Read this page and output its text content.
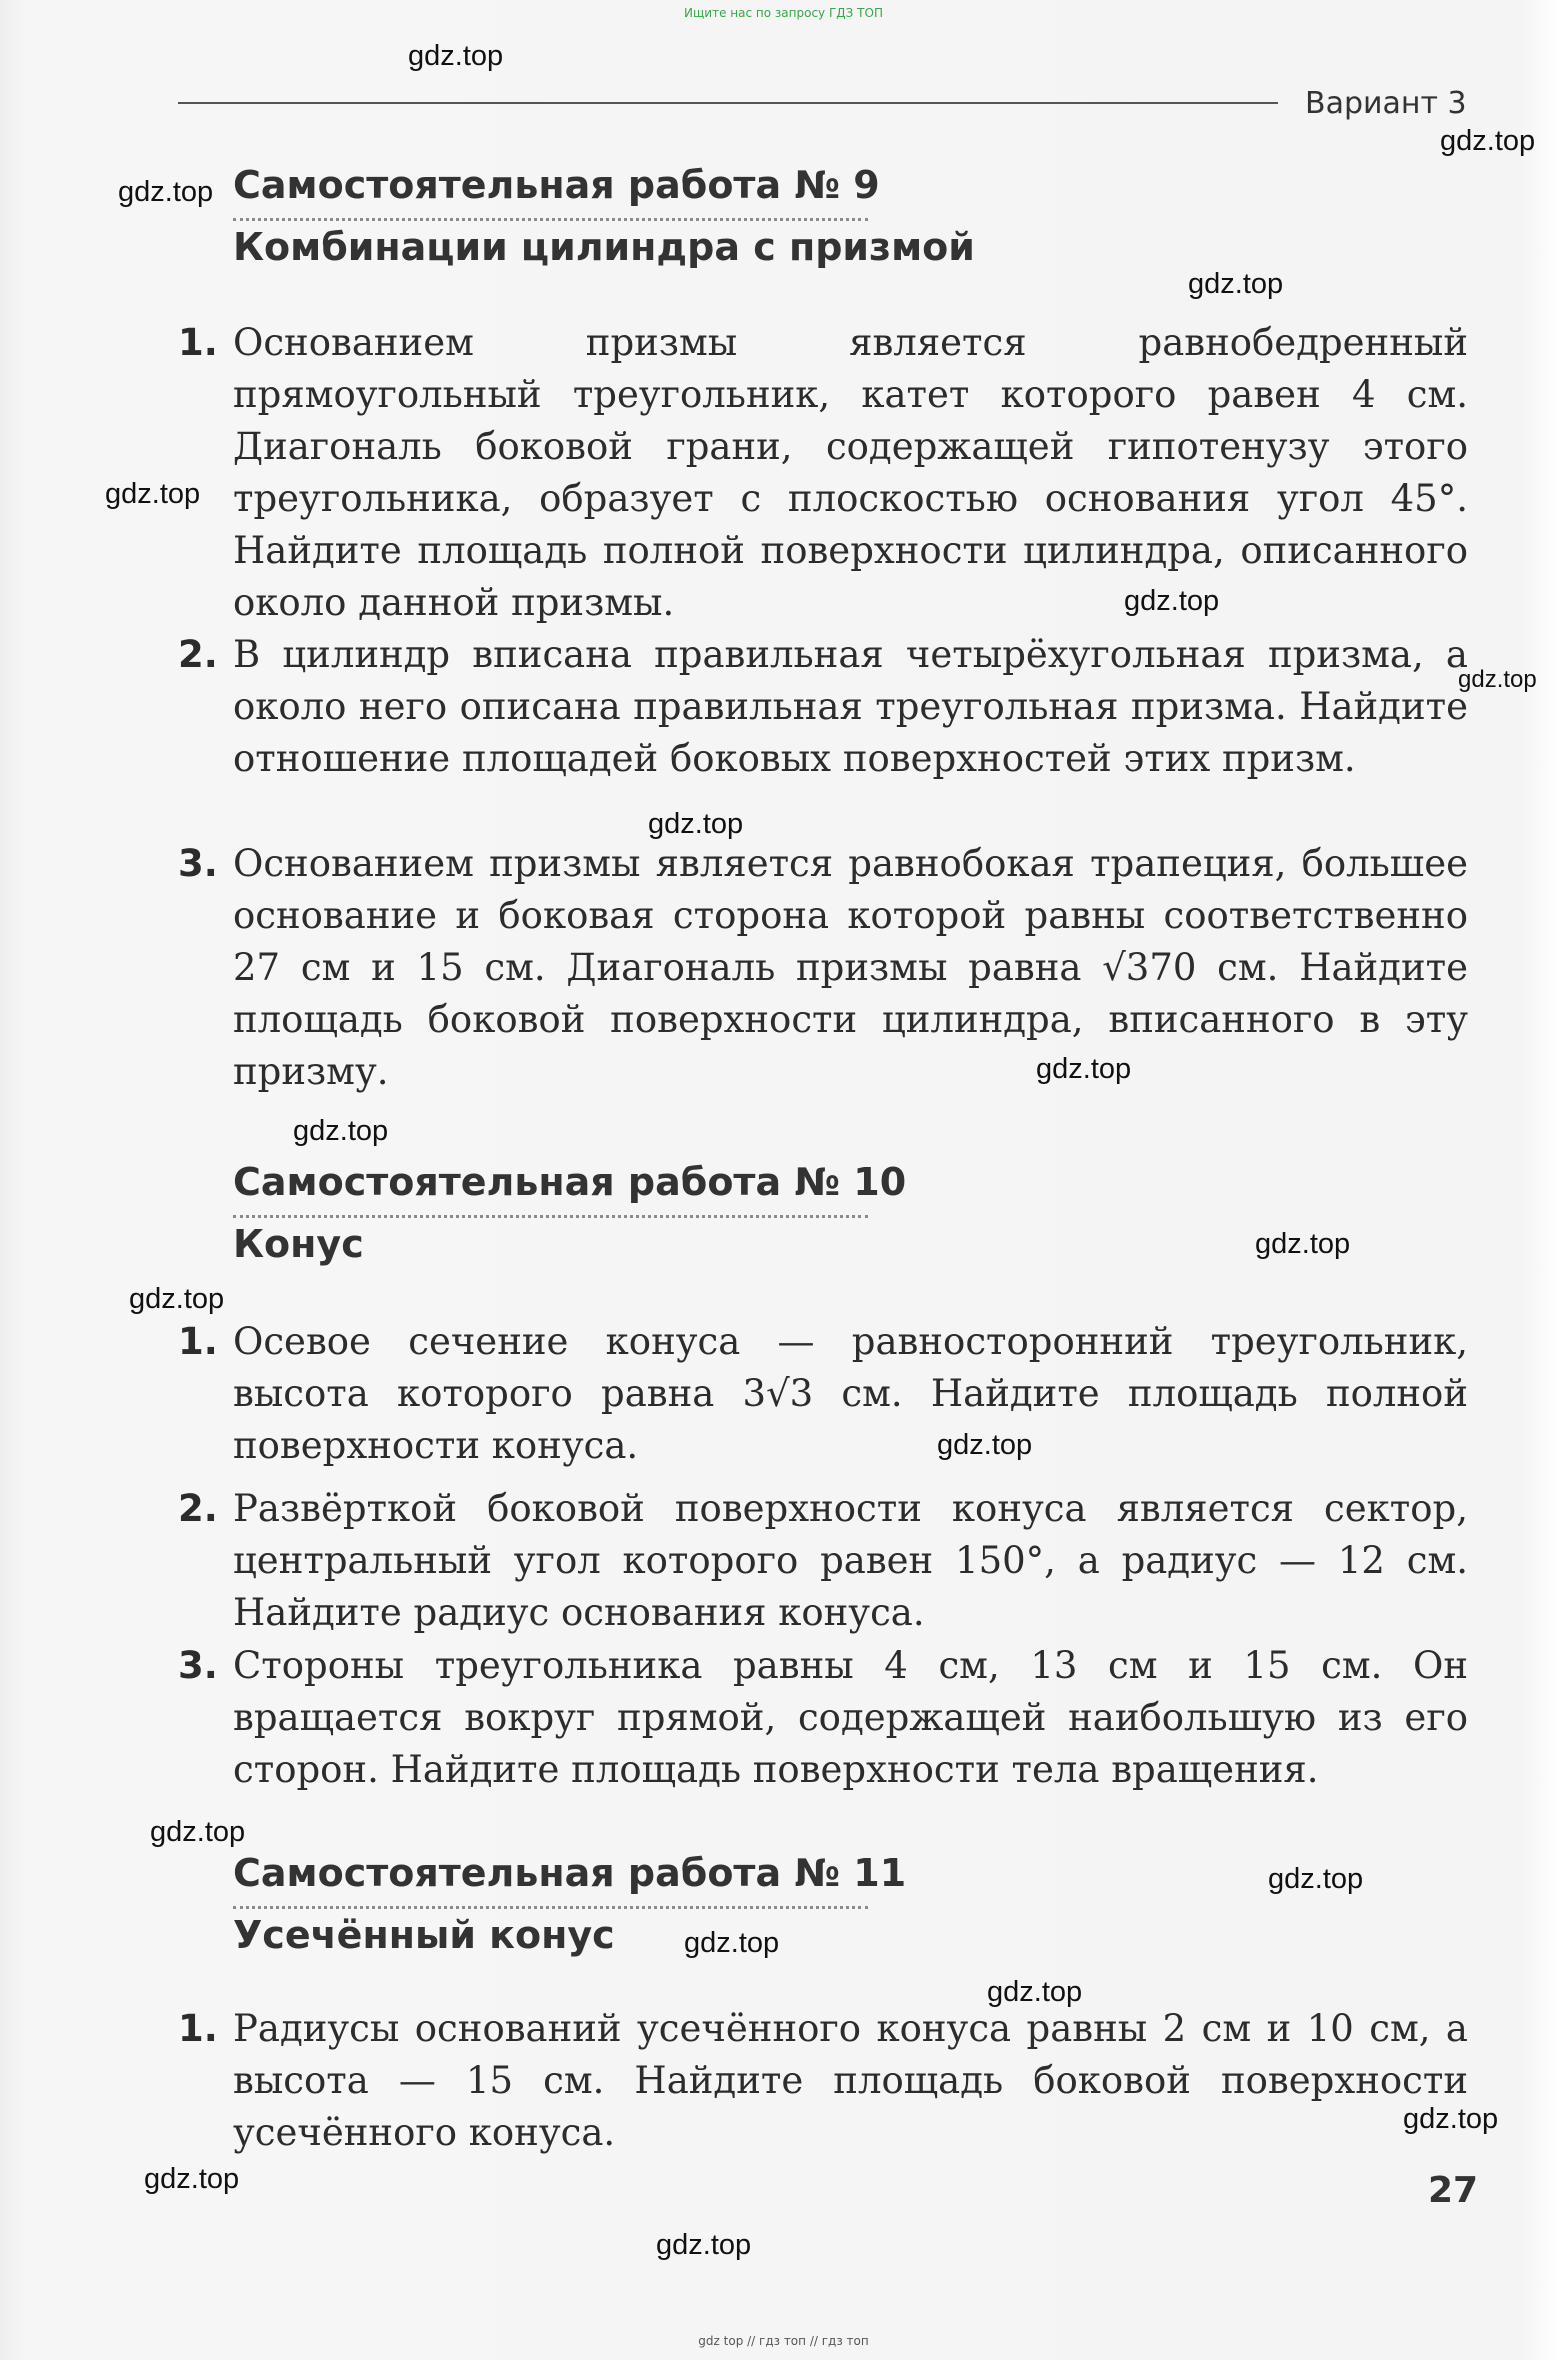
Ищите нас по запросу ГДЗ ТОП
Вариант 3
Самостоятельная работа № 9
Комбинации цилиндра с призмой
1. Основанием призмы является равнобедренный прямоугольный треугольник, катет которого равен 4 см. Диагональ боковой грани, содержащей гипотенузу этого треугольника, образует с плоскостью основания угол 45°. Найдите площадь полной поверхности цилиндра, описанного около данной призмы.
2. В цилиндр вписана правильная четырёхугольная призма, а около него описана правильная треугольная призма. Найдите отношение площадей боковых поверхностей этих призм.
3. Основанием призмы является равнобокая трапеция, большее основание и боковая сторона которой равны соответственно 27 см и 15 см. Диагональ призмы равна √370 см. Найдите площадь боковой поверхности цилиндра, вписанного в эту призму.
Самостоятельная работа № 10
Конус
1. Осевое сечение конуса — равносторонний треугольник, высота которого равна 3√3 см. Найдите площадь полной поверхности конуса.
2. Развёрткой боковой поверхности конуса является сектор, центральный угол которого равен 150°, а радиус — 12 см. Найдите радиус основания конуса.
3. Стороны треугольника равны 4 см, 13 см и 15 см. Он вращается вокруг прямой, содержащей наибольшую из его сторон. Найдите площадь поверхности тела вращения.
Самостоятельная работа № 11
Усечённый конус
1. Радиусы оснований усечённого конуса равны 2 см и 10 см, а высота — 15 см. Найдите площадь боковой поверхности усечённого конуса.
27
gdz.top
gdz.top
gdz.top
gdz.top
gdz.top
gdz.top
gdz.top
gdz.top
gdz.top
gdz.top
gdz.top
gdz.top
gdz.top
gdz.top
gdz.top
gdz.top
gdz.top
gdz.top
gdz.top
gdz.top
gdz top // гдз топ // гдз топ
